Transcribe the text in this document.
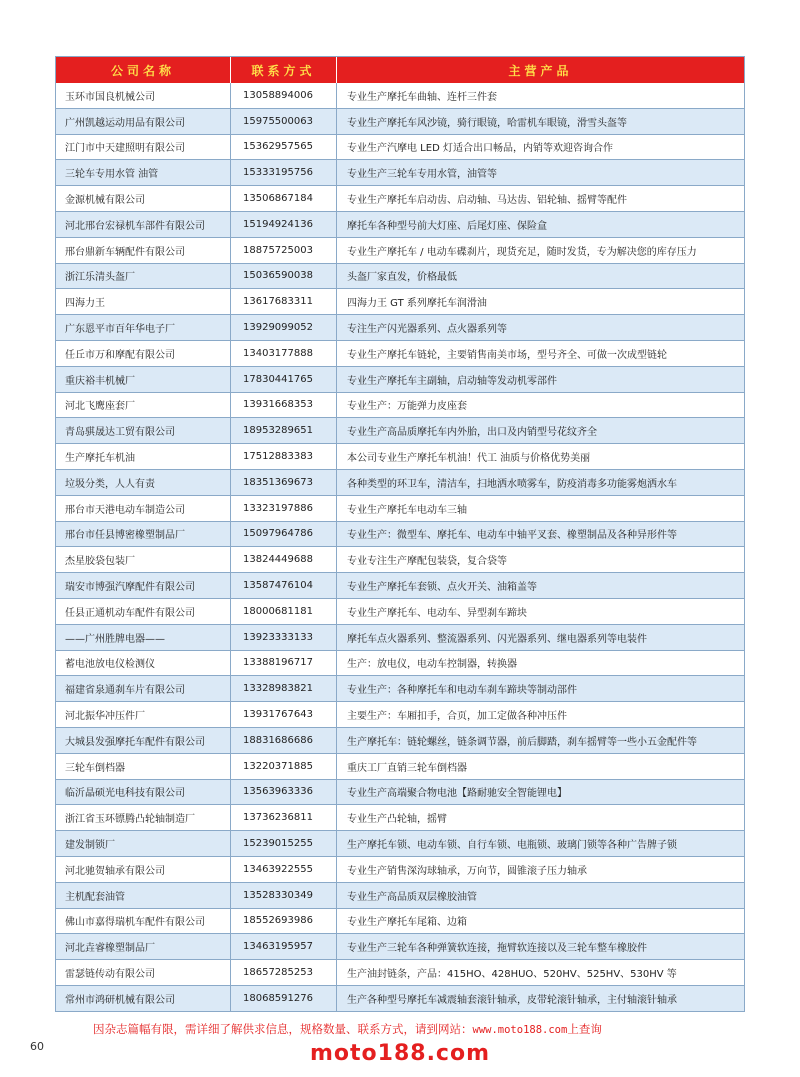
公司名称	联系方式	主营产品
玉环市国良机械公司	13058894006	专业生产摩托车曲轴、连杆三件套
广州凯越运动用品有限公司	15975500063	专业生产摩托车风沙镜，骑行眼镜，哈雷机车眼镜，滑雪头盔等
江门市中天建照明有限公司	15362957565	专业生产汽摩电 LED 灯适合出口畅品，内销等欢迎咨询合作
三轮车专用水管 油管	15333195756	专业生产三轮车专用水管，油管等
金源机械有限公司	13506867184	专业生产摩托车启动齿、启动轴、马达齿、铝轮轴、摇臂等配件
河北邢台宏禄机车部件有限公司	15194924136	摩托车各种型号前大灯座、后尾灯座、保险盒
邢台鼎新车辆配件有限公司	18875725003	专业生产摩托车 / 电动车碟刹片，现货充足，随时发货，专为解决您的库存压力
浙江乐清头盔厂	15036590038	头盔厂家直发，价格最低
四海力王	13617683311	四海力王 GT 系列摩托车润滑油
广东恩平市百年华电子厂	13929099052	专注生产闪光器系列、点火器系列等
任丘市万和摩配有限公司	13403177888	专业生产摩托车链轮，主要销售南美市场，型号齐全、可做一次成型链轮
重庆裕丰机械厂	17830441765	专业生产摩托车主副轴，启动轴等发动机零部件
河北飞鹰座套厂	13931668353	专业生产：万能弹力皮座套
青岛骐晟达工贸有限公司	18953289651	专业生产高品质摩托车内外胎，出口及内销型号花纹齐全
生产摩托车机油	17512883383	本公司专业生产摩托车机油！代工 油质与价格优势美丽
垃圾分类，人人有责	18351369673	各种类型的环卫车，清洁车，扫地洒水喷雾车，防疫消毒多功能雾炮洒水车
邢台市天港电动车制造公司	13323197886	专业生产摩托车电动车三轴
邢台市任县博密橡塑制品厂	15097964786	专业生产：微型车、摩托车、电动车中轴平叉套、橡塑制品及各种异形件等
杰星胶袋包装厂	13824449688	专业专注生产摩配包装袋，复合袋等
瑞安市博强汽摩配件有限公司	13587476104	专业生产摩托车套锁、点火开关、油箱盖等
任县正通机动车配件有限公司	18000681181	专业生产摩托车、电动车、异型刹车蹄块
——广州胜牌电器——	13923333133	摩托车点火器系列、整流器系列、闪光器系列、继电器系列等电装件
蓄电池放电仪检测仪	13388196717	生产：放电仪，电动车控制器，转换器
福建省泉通刹车片有限公司	13328983821	专业生产：各种摩托车和电动车刹车蹄块等制动部件
河北振华冲压件厂	13931767643	主要生产：车厢扣手，合页，加工定做各种冲压件
大城县发强摩托车配件有限公司	18831686686	生产摩托车：链轮螺丝，链条调节器，前后脚踏，刹车摇臂等一些小五金配件等
三轮车倒档器	13220371885	重庆工厂直销三轮车倒档器
临沂晶硕光电科技有限公司	13563963336	专业生产高端聚合物电池【路耐驰安全智能锂电】
浙江省玉环镖腾凸轮轴制造厂	13736236811	专业生产凸轮轴，摇臂
建发制锁厂	15239015255	生产摩托车锁、电动车锁、自行车锁、电瓶锁、玻璃门锁等各种广告牌子锁
河北驰贺轴承有限公司	13463922555	专业生产销售深沟球轴承，万向节，圆锥滚子压力轴承
主机配套油管	13528330349	专业生产高品质双层橡胶油管
佛山市嘉得瑞机车配件有限公司	18552693986	专业生产摩托车尾箱、边箱
河北垚睿橡塑制品厂	13463195957	专业生产三轮车各种弹簧软连接，拖臂软连接以及三轮车整车橡胶件
雷瑟链传动有限公司	18657285253	生产油封链条，产品：415HO、428HUO、520HV、525HV、530HV 等
常州市鸿研机械有限公司	18068591276	生产各种型号摩托车减震轴套滚针轴承，皮带轮滚针轴承，主付轴滚针轴承
因杂志篇幅有限，需详细了解供求信息，规格数量、联系方式，请到网站：www.moto188.com上查询
60	moto188.com
